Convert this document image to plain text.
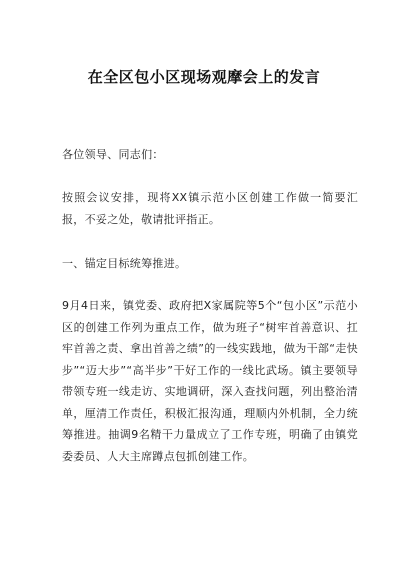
在全区包小区现场观摩会上的发言

各位领导、同志们：

按照会议安排，现将XX镇示范小区创建工作做一简要汇报，不妥之处，敬请批评指正。

一、锚定目标统筹推进。

9月4日来，镇党委、政府把X家属院等5个“包小区”示范小区的创建工作列为重点工作，做为班子“树牢首善意识、扛牢首善之责、拿出首善之绩”的一线实践地，做为干部“走快步”“迈大步”“高半步”干好工作的一线比武场。镇主要领导带领专班一线走访、实地调研，深入查找问题，列出整治清单，厘清工作责任，积极汇报沟通，理顺内外机制，全力统筹推进。抽调9名精干力量成立了工作专班，明确了由镇党委委员、人大主席蹲点包抓创建工作。
